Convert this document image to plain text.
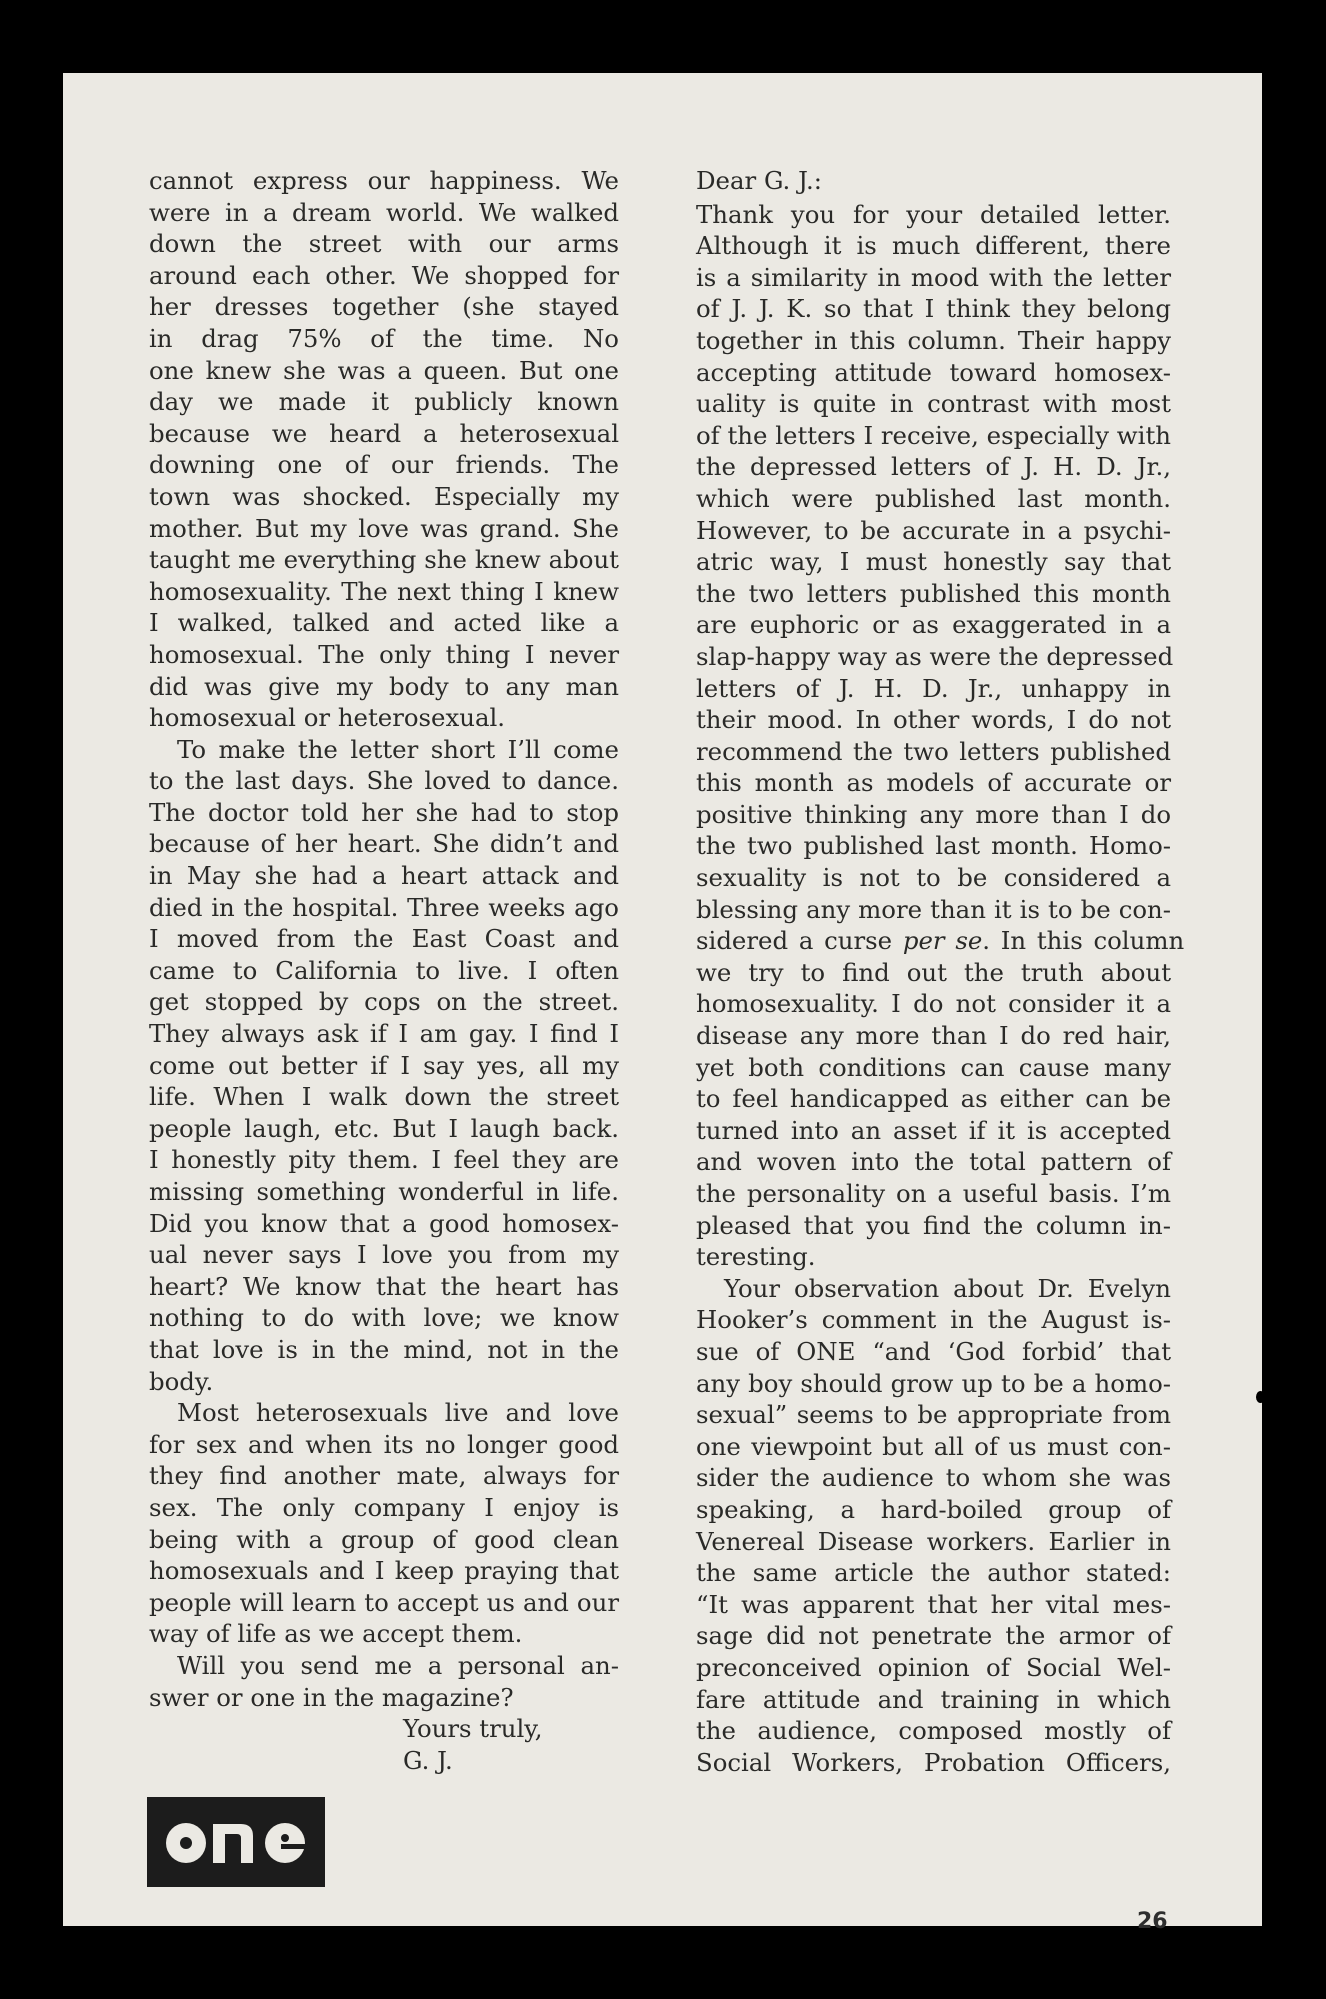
cannot express our happiness. We
were in a dream world. We walked
down the street with our arms
around each other. We shopped for
her dresses together (she stayed
in drag 75% of the time. No
one knew she was a queen. But one
day we made it publicly known
because we heard a heterosexual
downing one of our friends. The
town was shocked. Especially my
mother. But my love was grand. She
taught me everything she knew about
homosexuality. The next thing I knew
I walked, talked and acted like a
homosexual. The only thing I never
did was give my body to any man
homosexual or heterosexual.
To make the letter short I’ll come
to the last days. She loved to dance.
The doctor told her she had to stop
because of her heart. She didn’t and
in May she had a heart attack and
died in the hospital. Three weeks ago
I moved from the East Coast and
came to California to live. I often
get stopped by cops on the street.
They always ask if I am gay. I find I
come out better if I say yes, all my
life. When I walk down the street
people laugh, etc. But I laugh back.
I honestly pity them. I feel they are
missing something wonderful in life.
Did you know that a good homosex-
ual never says I love you from my
heart? We know that the heart has
nothing to do with love; we know
that love is in the mind, not in the
body.
Most heterosexuals live and love
for sex and when its no longer good
they find another mate, always for
sex. The only company I enjoy is
being with a group of good clean
homosexuals and I keep praying that
people will learn to accept us and our
way of life as we accept them.
Will you send me a personal an-
swer or one in the magazine?
Yours truly,
G. J.
Dear G. J.:
Thank you for your detailed letter.
Although it is much different, there
is a similarity in mood with the letter
of J. J. K. so that I think they belong
together in this column. Their happy
accepting attitude toward homosex-
uality is quite in contrast with most
of the letters I receive, especially with
the depressed letters of J. H. D. Jr.,
which were published last month.
However, to be accurate in a psychi-
atric way, I must honestly say that
the two letters published this month
are euphoric or as exaggerated in a
slap-happy way as were the depressed
letters of J. H. D. Jr., unhappy in
their mood. In other words, I do not
recommend the two letters published
this month as models of accurate or
positive thinking any more than I do
the two published last month. Homo-
sexuality is not to be considered a
blessing any more than it is to be con-
sidered a curse per se. In this column
we try to find out the truth about
homosexuality. I do not consider it a
disease any more than I do red hair,
yet both conditions can cause many
to feel handicapped as either can be
turned into an asset if it is accepted
and woven into the total pattern of
the personality on a useful basis. I’m
pleased that you find the column in-
teresting.
Your observation about Dr. Evelyn
Hooker’s comment in the August is-
sue of ONE “and ‘God forbid’ that
any boy should grow up to be a homo-
sexual” seems to be appropriate from
one viewpoint but all of us must con-
sider the audience to whom she was
speaking, a hard-boiled group of
Venereal Disease workers. Earlier in
the same article the author stated:
“It was apparent that her vital mes-
sage did not penetrate the armor of
preconceived opinion of Social Wel-
fare attitude and training in which
the audience, composed mostly of
Social Workers, Probation Officers,
26
